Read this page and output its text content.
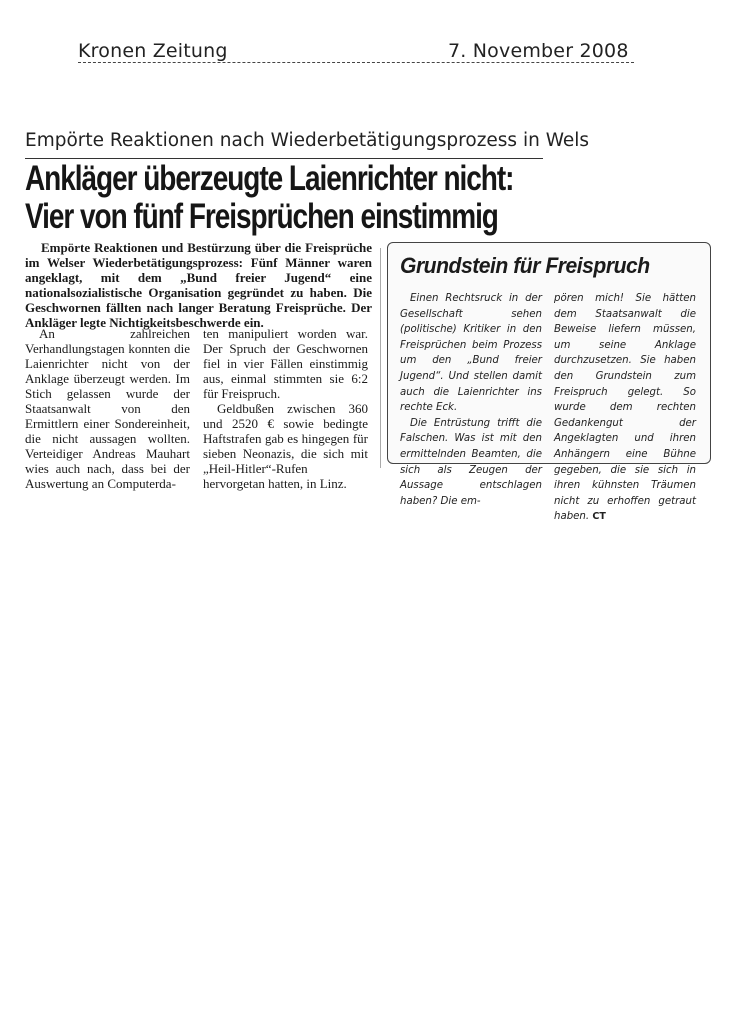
Kronen Zeitung	7. November 2008
Empörte Reaktionen nach Wiederbetätigungsprozess in Wels
Ankläger überzeugte Laienrichter nicht:
Vier von fünf Freisprüchen einstimmig
Empörte Reaktionen und Bestürzung über die Freisprüche im Welser Wiederbetätigungsprozess: Fünf Männer waren angeklagt, mit dem „Bund freier Jugend“ eine nationalsozialistische Organisation gegründet zu haben. Die Geschwornen fällten nach langer Beratung Freisprüche. Der Ankläger legte Nichtigkeitsbeschwerde ein.

An zahlreichen Verhandlungstagen konnten die Laienrichter nicht von der Anklage überzeugt werden. Im Stich gelassen wurde der Staatsanwalt von den Ermittlern einer Sondereinheit, die nicht aussagen wollten. Verteidiger Andreas Mauhart wies auch nach, dass bei der Auswertung an Computerda-

ten manipuliert worden war. Der Spruch der Geschwornen fiel in vier Fällen einstimmig aus, einmal stimmten sie 6:2 für Freispruch.

Geldbußen zwischen 360 und 2520 € sowie bedingte Haftstrafen gab es hingegen für sieben Neonazis, die sich mit „Heil-Hitler“-Rufen hervorgetan hatten, in Linz.

Grundstein für Freispruch

Einen Rechtsruck in der Gesellschaft sehen (politische) Kritiker in den Freisprüchen beim Prozess um den „Bund freier Jugend“. Und stellen damit auch die Laienrichter ins rechte Eck.

Die Entrüstung trifft die Falschen. Was ist mit den ermittelnden Beamten, die sich als Zeugen der Aussage entschlagen haben? Die em-

pören mich! Sie hätten dem Staatsanwalt die Beweise liefern müssen, um seine Anklage durchzusetzen. Sie haben den Grundstein zum Freispruch gelegt. So wurde dem rechten Gedankengut der Angeklagten und ihren Anhängern eine Bühne gegeben, die sie sich in ihren kühnsten Träumen nicht zu erhoffen getraut haben. CT
